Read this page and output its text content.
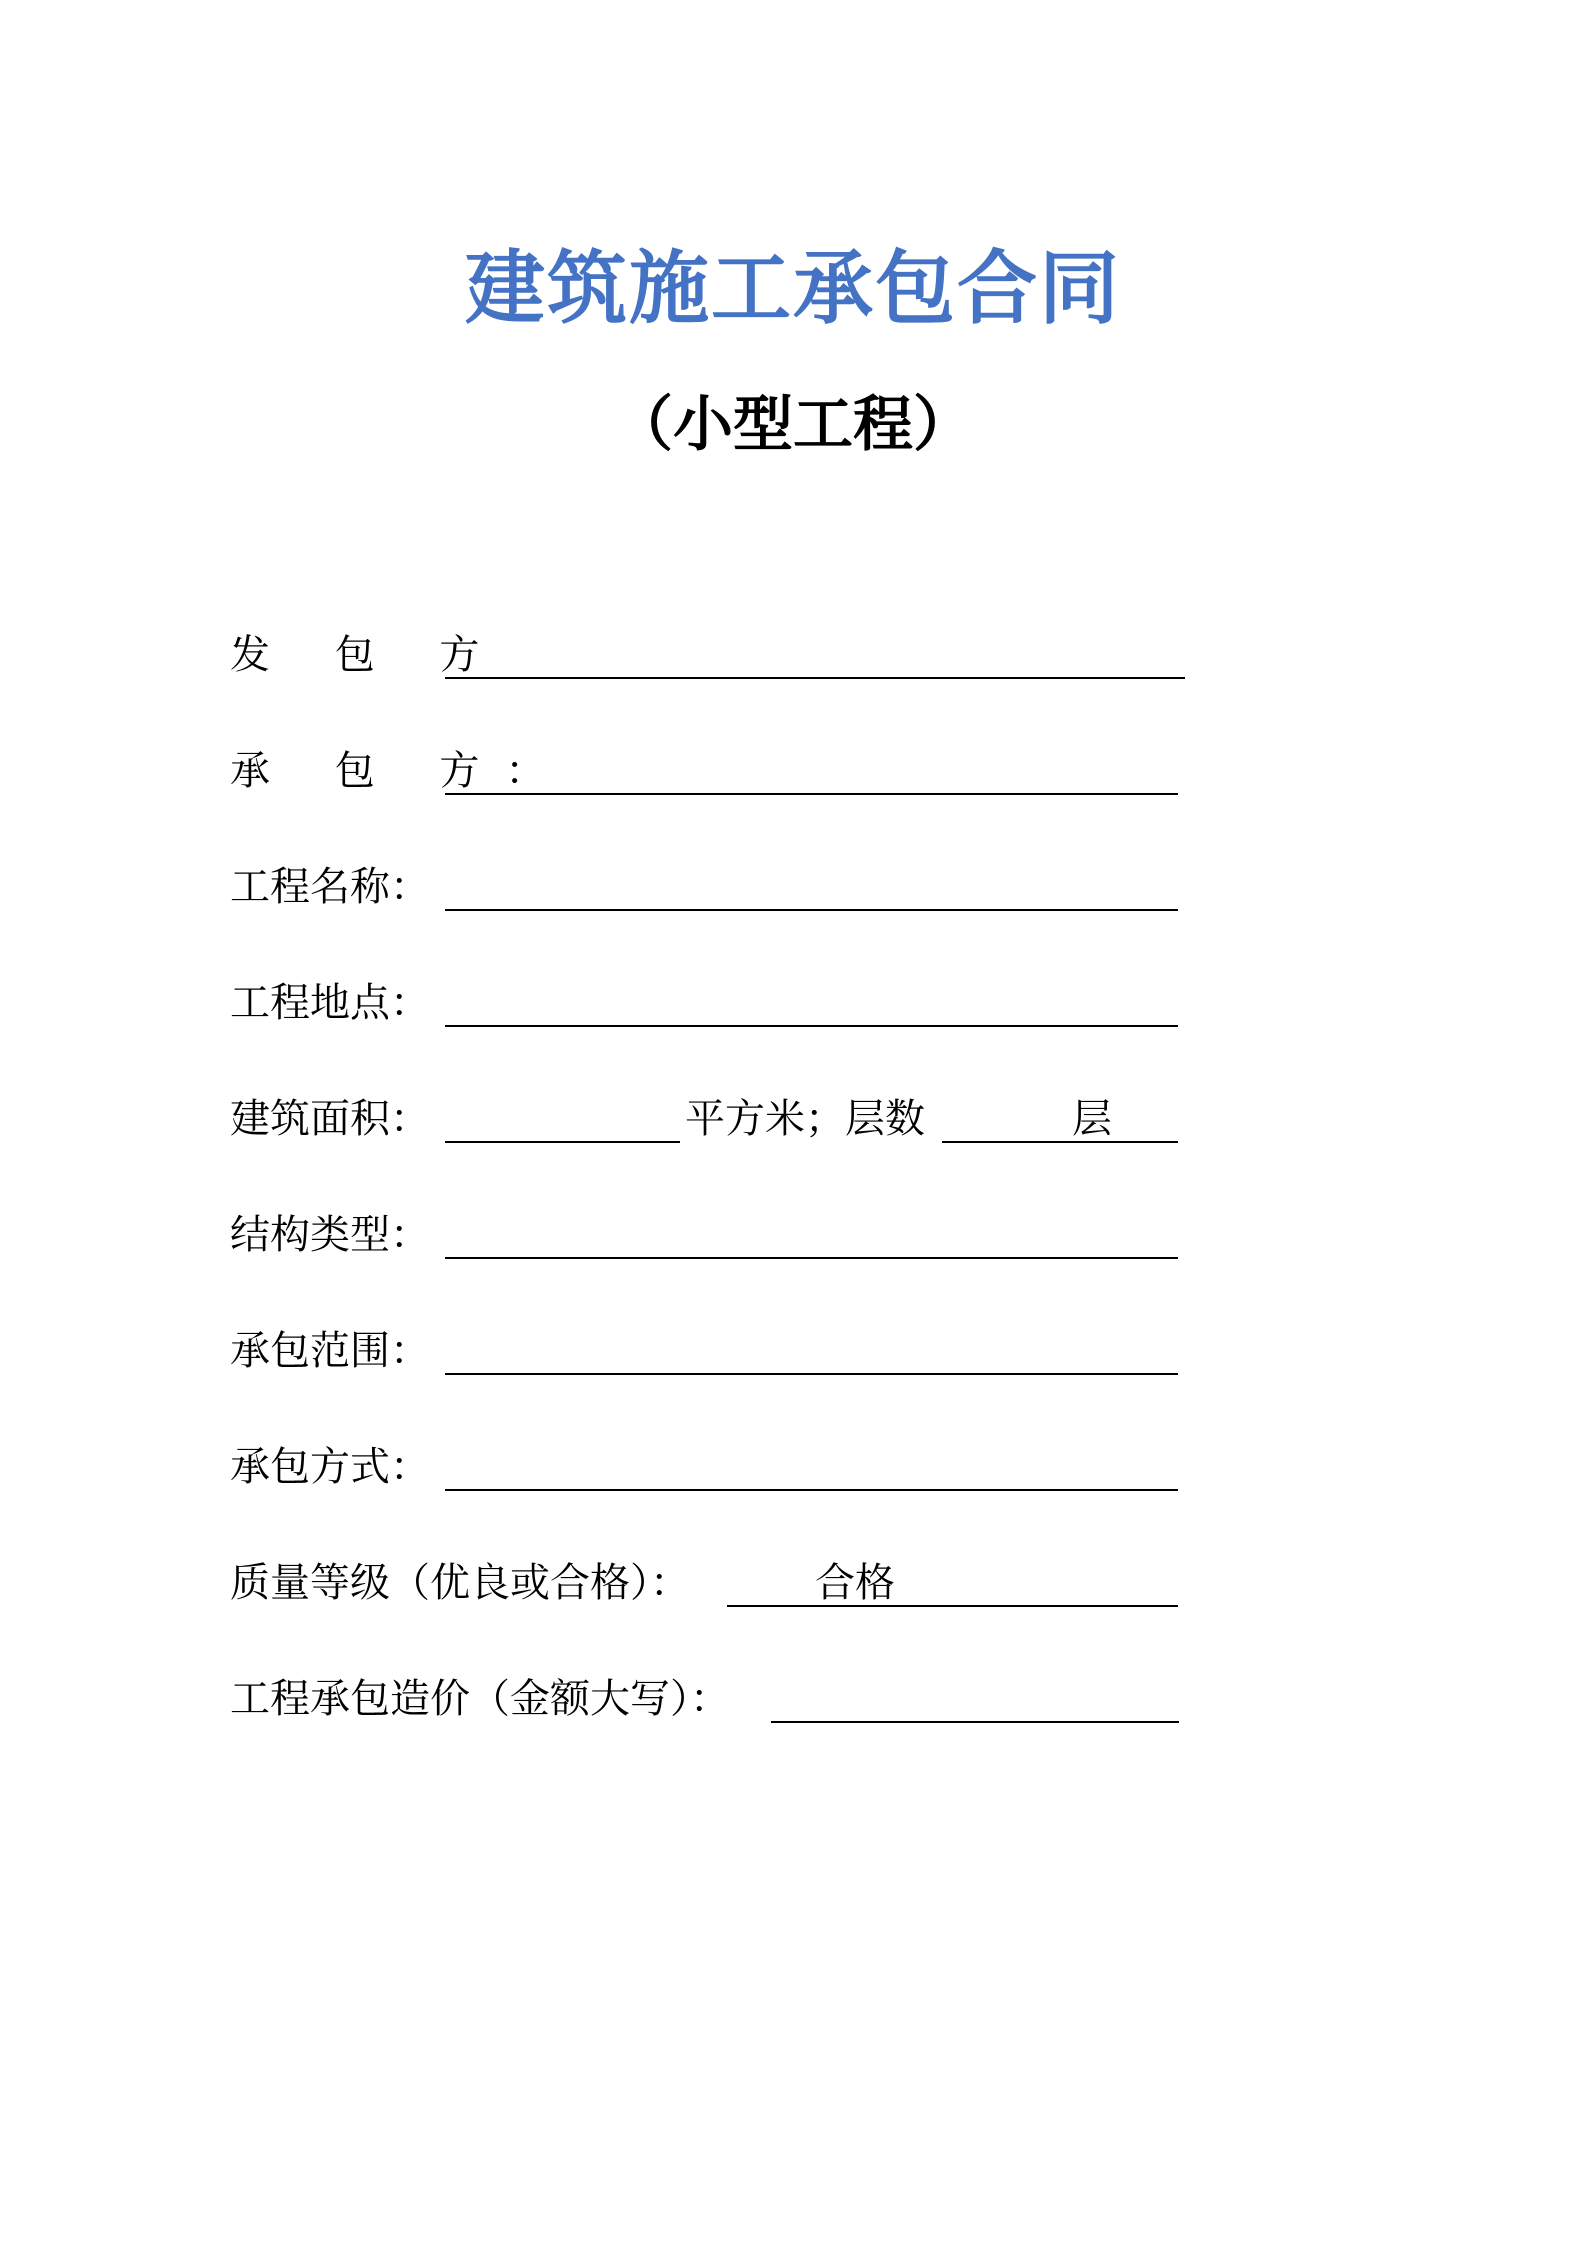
建筑施工承包合同
（小型工程）
发 包 方
承 包 方：
工程名称：
工程地点：
建筑面积：	平方米；层数	层
结构类型：
承包范围：
承包方式：
质量等级（优良或合格）：	合格
工程承包造价（金额大写）：
